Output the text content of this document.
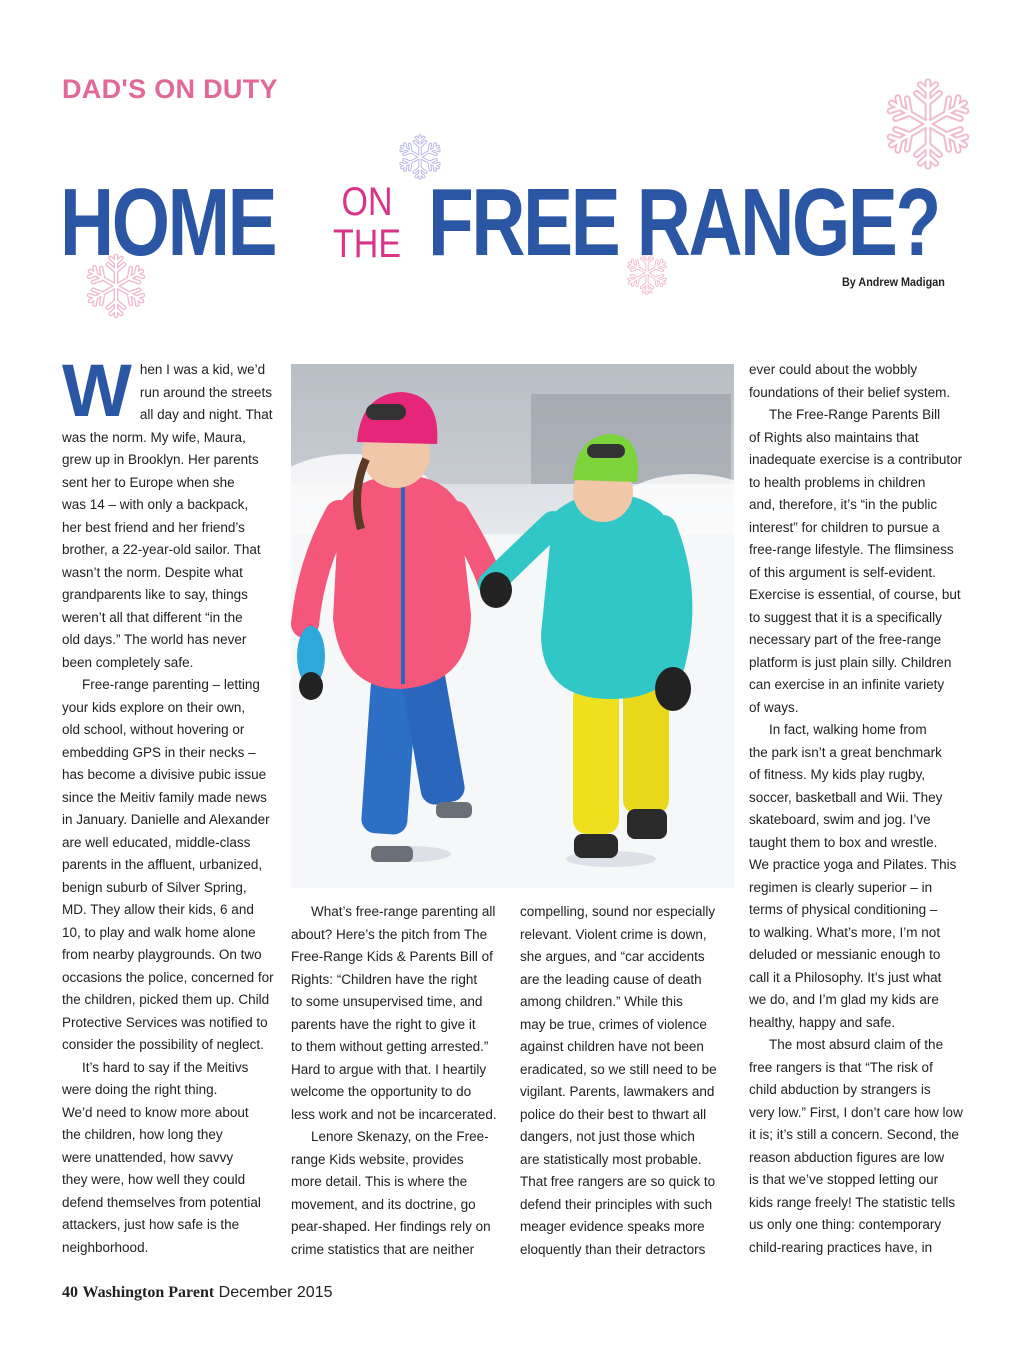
DAD'S ON DUTY
HOME	ON
THE FREE RANGE?
By Andrew Madigan
W hen I was a kid, we’d
run around the streets
all day and night. That
was the norm. My wife, Maura,
grew up in Brooklyn. Her parents
sent her to Europe when she
was 14 – with only a backpack,
her best friend and her friend’s
brother, a 22-year-old sailor. That
wasn’t the norm. Despite what
grandparents like to say, things
weren’t all that different “in the
old days.” The world has never
been completely safe.

Free-range parenting – letting
your kids explore on their own,
old school, without hovering or
embedding GPS in their necks –
has become a divisive pubic issue
since the Meitiv family made news
in January. Danielle and Alexander
are well educated, middle-class
parents in the affluent, urbanized,
benign suburb of Silver Spring,
MD. They allow their kids, 6 and
10, to play and walk home alone
from nearby playgrounds. On two
occasions the police, concerned for
the children, picked them up. Child
Protective Services was notified to
consider the possibility of neglect.

It’s hard to say if the Meitivs
were doing the right thing.
We’d need to know more about
the children, how long they
were unattended, how savvy
they were, how well they could
defend themselves from potential
attackers, just how safe is the
neighborhood.

What’s free-range parenting all
about? Here’s the pitch from The
Free-Range Kids & Parents Bill of
Rights: “Children have the right
to some unsupervised time, and
parents have the right to give it
to them without getting arrested.”
Hard to argue with that. I heartily
welcome the opportunity to do
less work and not be incarcerated.

Lenore Skenazy, on the Free-
range Kids website, provides
more detail. This is where the
movement, and its doctrine, go
pear-shaped. Her findings rely on
crime statistics that are neither

compelling, sound nor especially
relevant. Violent crime is down,
she argues, and “car accidents
are the leading cause of death
among children.” While this
may be true, crimes of violence
against children have not been
eradicated, so we still need to be
vigilant. Parents, lawmakers and
police do their best to thwart all
dangers, not just those which
are statistically most probable.
That free rangers are so quick to
defend their principles with such
meager evidence speaks more
eloquently than their detractors

ever could about the wobbly
foundations of their belief system.

The Free-Range Parents Bill
of Rights also maintains that
inadequate exercise is a contributor
to health problems in children
and, therefore, it’s “in the public
interest” for children to pursue a
free-range lifestyle. The flimsiness
of this argument is self-evident.
Exercise is essential, of course, but
to suggest that it is a specifically
necessary part of the free-range
platform is just plain silly. Children
can exercise in an infinite variety
of ways.

In fact, walking home from
the park isn’t a great benchmark
of fitness. My kids play rugby,
soccer, basketball and Wii. They
skateboard, swim and jog. I’ve
taught them to box and wrestle.
We practice yoga and Pilates. This
regimen is clearly superior – in
terms of physical conditioning –
to walking. What’s more, I’m not
deluded or messianic enough to
call it a Philosophy. It’s just what
we do, and I’m glad my kids are
healthy, happy and safe.

The most absurd claim of the
free rangers is that “The risk of
child abduction by strangers is
very low.” First, I don’t care how low
it is; it’s still a concern. Second, the
reason abduction figures are low
is that we’ve stopped letting our
kids range freely! The statistic tells
us only one thing: contemporary
child-rearing practices have, in

40 Washington Parent December 2015
